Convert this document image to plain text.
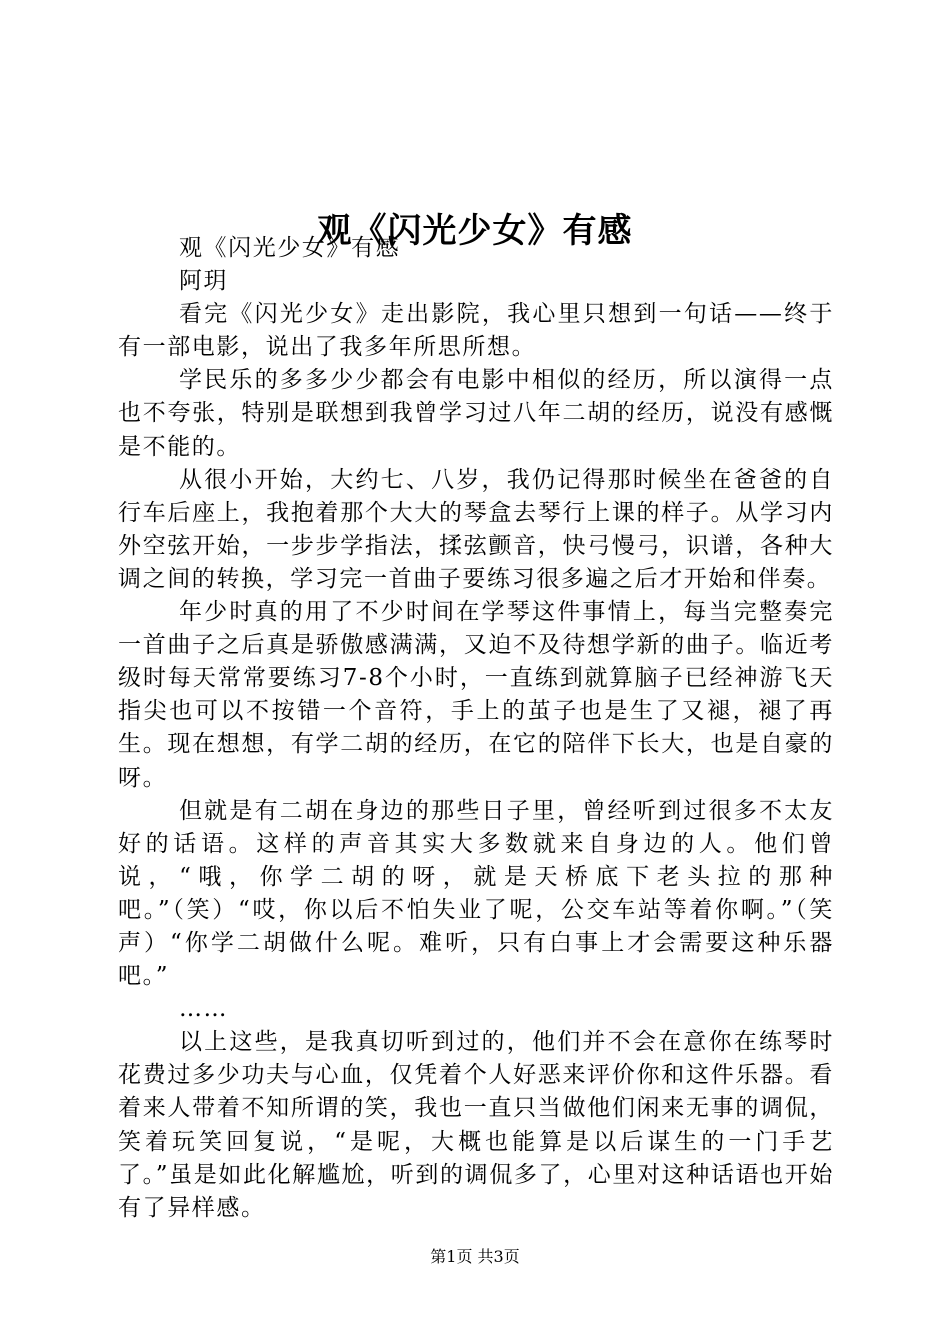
观《闪光少女》有感

观《闪光少女》有感

阿玥

看完《闪光少女》走出影院，我心里只想到一句话——终于有一部电影，说出了我多年所思所想。

学民乐的多多少少都会有电影中相似的经历，所以演得一点也不夸张，特别是联想到我曾学习过八年二胡的经历，说没有感慨是不能的。

从很小开始，大约七、八岁，我仍记得那时候坐在爸爸的自行车后座上，我抱着那个大大的琴盒去琴行上课的样子。从学习内外空弦开始，一步步学指法，揉弦颤音，快弓慢弓，识谱，各种大调之间的转换，学习完一首曲子要练习很多遍之后才开始和伴奏。

年少时真的用了不少时间在学琴这件事情上，每当完整奏完一首曲子之后真是骄傲感满满，又迫不及待想学新的曲子。临近考级时每天常常要练习7-8个小时，一直练到就算脑子已经神游飞天指尖也可以不按错一个音符，手上的茧子也是生了又褪，褪了再生。现在想想，有学二胡的经历，在它的陪伴下长大，也是自豪的呀。

但就是有二胡在身边的那些日子里，曾经听到过很多不太友好的话语。这样的声音其实大多数就来自身边的人。他们曾说，“哦，你学二胡的呀，就是天桥底下老头拉的那种吧。”（笑）“哎，你以后不怕失业了呢，公交车站等着你啊。”（笑声）“你学二胡做什么呢。难听，只有白事上才会需要这种乐器吧。”

……

以上这些，是我真切听到过的，他们并不会在意你在练琴时花费过多少功夫与心血，仅凭着个人好恶来评价你和这件乐器。看着来人带着不知所谓的笑，我也一直只当做他们闲来无事的调侃，笑着玩笑回复说，“是呢，大概也能算是以后谋生的一门手艺了。”虽是如此化解尴尬，听到的调侃多了，心里对这种话语也开始有了异样感。

第1页 共3页
